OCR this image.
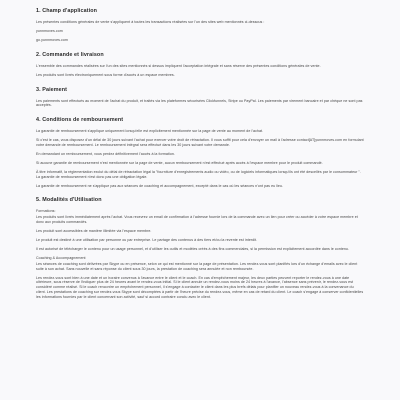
1. Champ d'application

Les présentes conditions générales de vente s'appliquent à toutes les transactions réalisées sur l'un des sites web mentionnés ci-dessous :

yunnmoves.com

go.yunnmoves.com

2. Commande et livraison

L'ensemble des commandes réalisées sur l'un des sites mentionnés si dessus impliquent l'acceptation intégrale et sans réserve des présentes conditions générales de vente.

Les produits sont livrés électroniquement sous forme d'accès à un espace membres.

3. Paiement

Les paiements sont effectués au moment de l'achat du produit, et traités via les plateformes sécurisées Clickfunnels, Stripe ou PayPal. Les paiements par virement bancaire et par chèque ne sont pas acceptés.

4. Conditions de remboursement

La garantie de remboursement s'applique uniquement lorsqu'elle est explicitement mentionnée sur la page de vente au moment de l'achat.

Si c'est le cas, vous disposez d'un délai de 30 jours suivant l'achat pour exercer votre droit de rétractation. Il vous suffit pour cela d'envoyer un mail à l'adresse contact[AT]yunnmoves.com en formulant votre demande de remboursement. Le remboursement intégral sera effectué dans les 30 jours suivant votre demande.

En demandant un remboursement, vous perdez définitivement l'accès à la formation.

Si aucune garantie de remboursement n'est mentionnée sur la page de vente, aucun remboursement n'est effectué après accès à l'espace membre pour le produit commandé.

À titre informatif, la réglementation exclut du délai de rétractation légal la "fourniture d'enregistrements audio ou vidéo, ou de logiciels informatiques lorsqu'ils ont été descellés par le consommateur ". La garantie de remboursement n'est donc pas une obligation légale.

La garantie de remboursement ne s'applique pas aux séances de coaching et accompagnement, excepté dans le cas où les séances n'ont pas eu lieu.

5. Modalités d'Utilisation

Formations:

Les produits sont livrés immédiatement après l'achat. Vous recevrez un email de confirmation à l'adresse fournie lors de la commande avec un lien pour créer ou accéder à votre espace membre et donc aux produits commandés.

Les produit sont accessibles de manière illimitée via l'espace membre.

Le produit est destiné à une utilisation par personne ou par entreprise. Le partage des contenus à des tiers et/ou la revente est interdit.

Il est autorisé de télécharger le contenu pour un usage personnel, et d'utiliser les outils et modèles créés à des fins commerciales, si la permission est explicitement accordée dans le contenu.

Coaching & Accompagnement

Les séances de coaching sont délivrées par Skype ou en présence, selon ce qui est mentionné sur la page de présentation. Les rendez-vous sont planifiés lors d'un échange d'emails avec le client suite à son achat. Sans nouvelle et sans réponse du client sous 30 jours, la prestation de coaching sera annulée et non remboursée.

Les rendez-vous sont bien à une date et un horaire convenus à l'avance entre le client et le coach. En cas d'empêchement majeur, les deux parties peuvent reporter le rendez-vous à une date ultérieure, sous réserve de l'indiquer plus de 24 heures avant le rendez-vous initial. Si le client annule un rendez-vous moins de 24 heures à l'avance, l'absence sans prévenir, le rendez-vous est considéré comme réalisé. Si le coach rencontre un empêchement personnel, il s'engage à contacter le client dans les plus brefs délais pour planifier un nouveau rendez-vous à la convenance du client. Les prestations de coaching sur rendez-vous Skype sont décomptées à partir de l'heure précise du rendez-vous, même en cas de retard du client. Le coach s'engage à conserver confidentielles les informations fournies par le client concernant son activité, sauf si accord contraire conclu avec le client.
